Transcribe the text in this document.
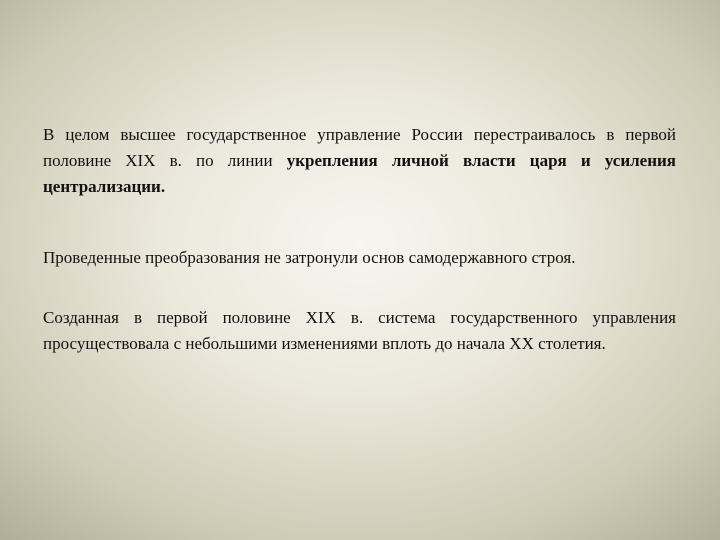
В целом высшее государственное управление России перестраивалось в первой половине XIX в. по линии укрепления личной власти царя и усиления централизации.

Проведенные преобразования не затронули основ самодержавного строя.

Созданная в первой половине XIX в. система государственного управления просуществовала с небольшими изменениями вплоть до начала XX столетия.
